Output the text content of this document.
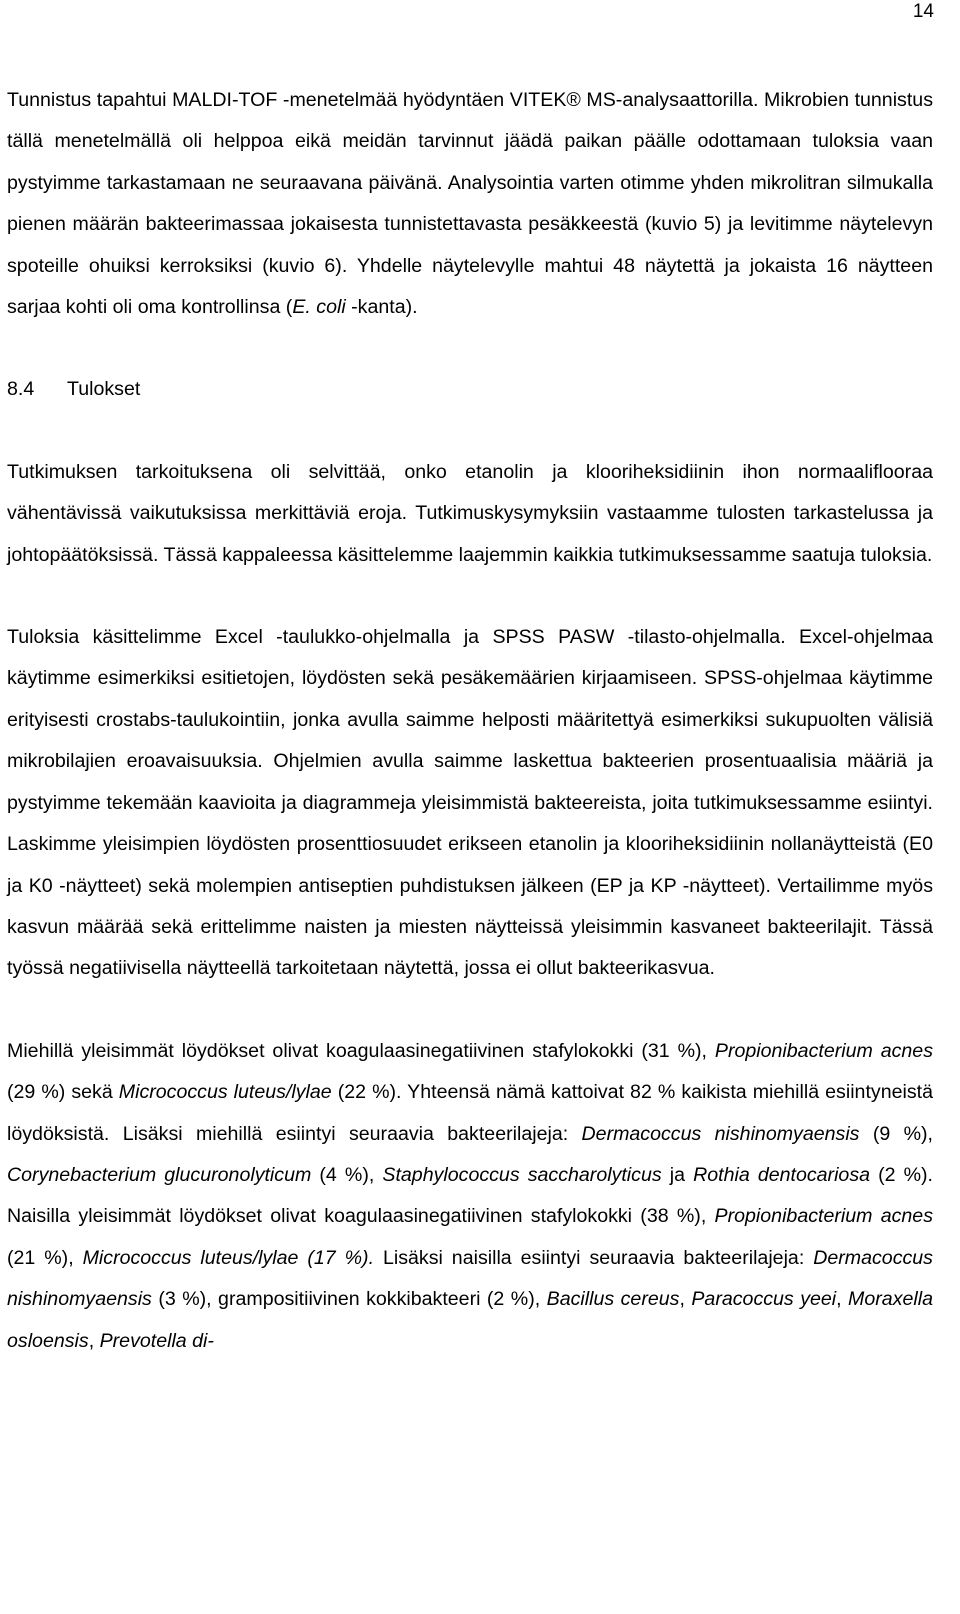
14

Tunnistus tapahtui MALDI-TOF -menetelmää hyödyntäen VITEK® MS-analysaattorilla. Mikrobien tunnistus tällä menetelmällä oli helppoa eikä meidän tarvinnut jäädä paikan päälle odottamaan tuloksia vaan pystyimme tarkastamaan ne seuraavana päivänä. Analysointia varten otimme yhden mikrolitran silmukalla pienen määrän bakteerimassaa jokaisesta tunnistettavasta pesäkkeestä (kuvio 5) ja levitimme näytelevyn spoteille ohuiksi kerroksiksi (kuvio 6). Yhdelle näytelevylle mahtui 48 näytettä ja jokaista 16 näytteen sarjaa kohti oli oma kontrollinsa (E. coli -kanta).

8.4 Tulokset

Tutkimuksen tarkoituksena oli selvittää, onko etanolin ja klooriheksidiinin ihon normaaliflooraa vähentävissä vaikutuksissa merkittäviä eroja. Tutkimuskysymyksiin vastaamme tulosten tarkastelussa ja johtopäätöksissä. Tässä kappaleessa käsittelemme laajemmin kaikkia tutkimuksessamme saatuja tuloksia.

Tuloksia käsittelimme Excel -taulukko-ohjelmalla ja SPSS PASW -tilasto-ohjelmalla. Excel-ohjelmaa käytimme esimerkiksi esitietojen, löydösten sekä pesäkemäärien kirjaamiseen. SPSS-ohjelmaa käytimme erityisesti crostabs-taulukointiin, jonka avulla saimme helposti määritettyä esimerkiksi sukupuolten välisiä mikrobilajien eroavaisuuksia. Ohjelmien avulla saimme laskettua bakteerien prosentuaalisia määriä ja pystyimme tekemään kaavioita ja diagrammeja yleisimmistä bakteereista, joita tutkimuksessamme esiintyi. Laskimme yleisimpien löydösten prosenttiosuudet erikseen etanolin ja klooriheksidiinin nollanäytteistä (E0 ja K0 -näytteet) sekä molempien antiseptien puhdistuksen jälkeen (EP ja KP -näytteet). Vertailimme myös kasvun määrää sekä erittelimme naisten ja miesten näytteissä yleisimmin kasvaneet bakteerilajit. Tässä työssä negatiivisella näytteellä tarkoitetaan näytettä, jossa ei ollut bakteerikasvua.

Miehillä yleisimmät löydökset olivat koagulaasinegatiivinen stafylokokki (31 %), Propionibacterium acnes (29 %) sekä Micrococcus luteus/lylae (22 %). Yhteensä nämä kattoivat 82 % kaikista miehillä esiintyneistä löydöksistä. Lisäksi miehillä esiintyi seuraavia bakteerilajeja: Dermacoccus nishinomyaensis (9 %), Corynebacterium glucuronolyticum (4 %), Staphylococcus saccharolyticus ja Rothia dentocariosa (2 %). Naisilla yleisimmät löydökset olivat koagulaasinegatiivinen stafylokokki (38 %), Propionibacterium acnes (21 %), Micrococcus luteus/lylae (17 %). Lisäksi naisilla esiintyi seuraavia bakteerilajeja: Dermacoccus nishinomyaensis (3 %), grampositiivinen kokkibakteeri (2 %), Bacillus cereus, Paracoccus yeei, Moraxella osloensis, Prevotella di-
